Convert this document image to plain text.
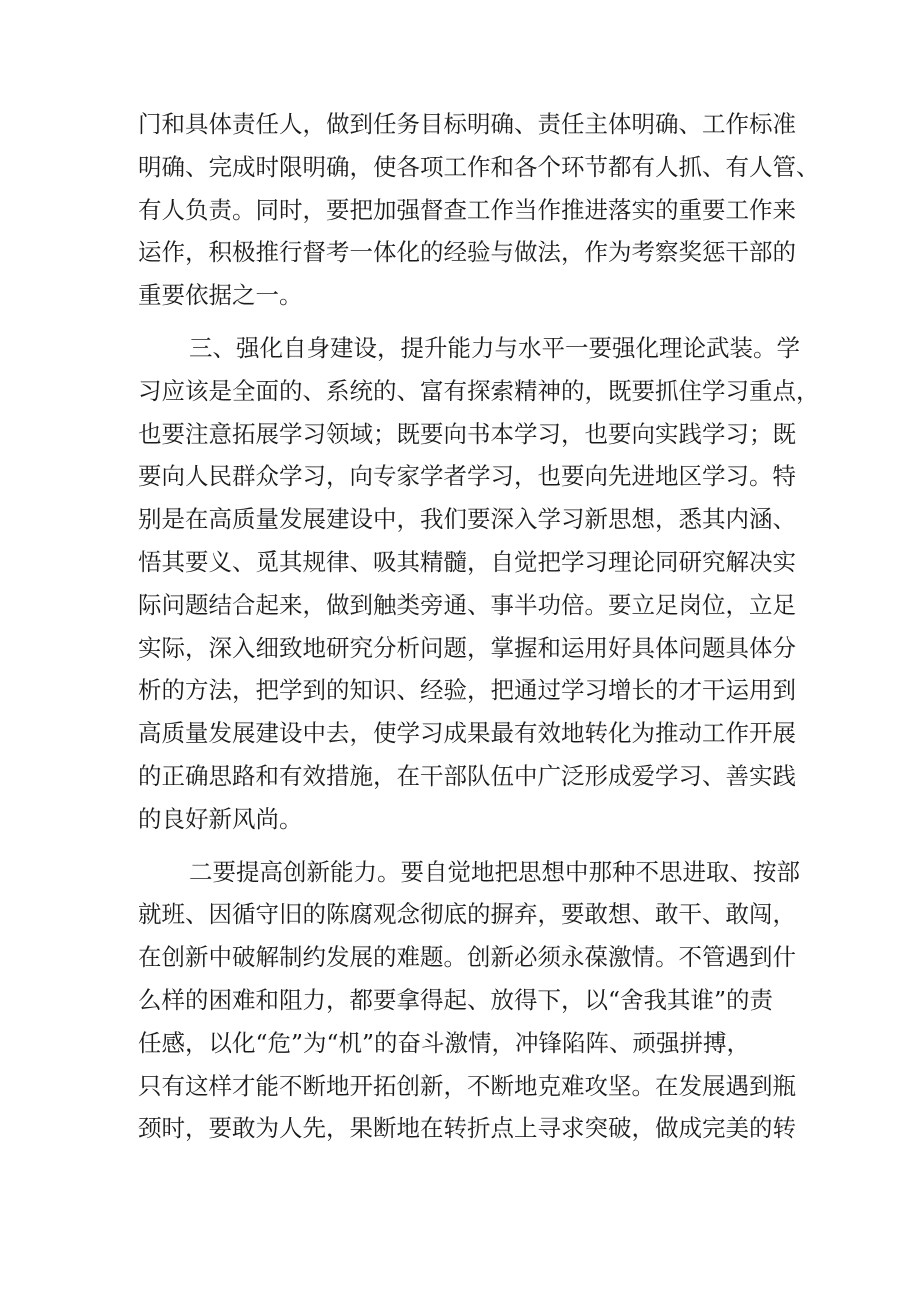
门和具体责任人，做到任务目标明确、责任主体明确、工作标准
明确、完成时限明确，使各项工作和各个环节都有人抓、有人管、
有人负责。同时，要把加强督查工作当作推进落实的重要工作来
运作，积极推行督考一体化的经验与做法，作为考察奖惩干部的
重要依据之一。
三、强化自身建设，提升能力与水平一要强化理论武装。学
习应该是全面的、系统的、富有探索精神的，既要抓住学习重点，
也要注意拓展学习领域；既要向书本学习，也要向实践学习；既
要向人民群众学习，向专家学者学习，也要向先进地区学习。特
别是在高质量发展建设中，我们要深入学习新思想，悉其内涵、
悟其要义、觅其规律、吸其精髓，自觉把学习理论同研究解决实
际问题结合起来，做到触类旁通、事半功倍。要立足岗位，立足
实际，深入细致地研究分析问题，掌握和运用好具体问题具体分
析的方法，把学到的知识、经验，把通过学习增长的才干运用到
高质量发展建设中去，使学习成果最有效地转化为推动工作开展
的正确思路和有效措施，在干部队伍中广泛形成爱学习、善实践
的良好新风尚。
二要提高创新能力。要自觉地把思想中那种不思进取、按部
就班、因循守旧的陈腐观念彻底的摒弃，要敢想、敢干、敢闯，
在创新中破解制约发展的难题。创新必须永葆激情。不管遇到什
么样的困难和阻力，都要拿得起、放得下，以“舍我其谁”的责
任感，以化“危”为“机”的奋斗激情，冲锋陷阵、顽强拼搏，
只有这样才能不断地开拓创新，不断地克难攻坚。在发展遇到瓶
颈时，要敢为人先，果断地在转折点上寻求突破，做成完美的转
